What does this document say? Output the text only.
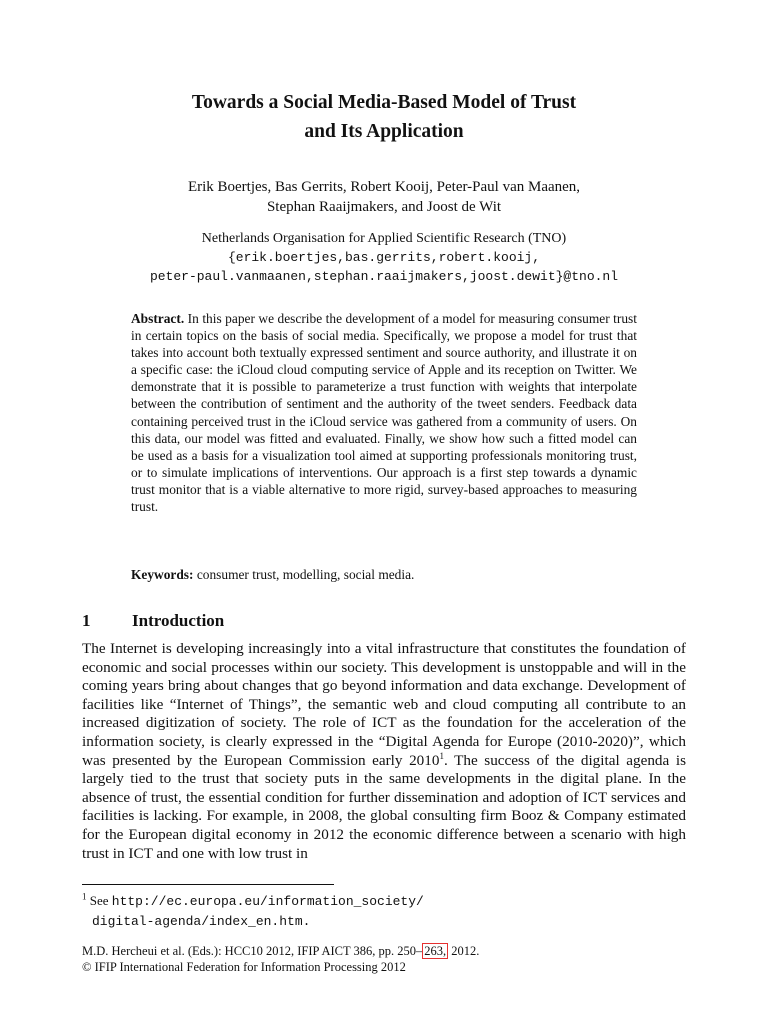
Towards a Social Media-Based Model of Trust
and Its Application
Erik Boertjes, Bas Gerrits, Robert Kooij, Peter-Paul van Maanen,
Stephan Raaijmakers, and Joost de Wit
Netherlands Organisation for Applied Scientific Research (TNO)
{erik.boertjes,bas.gerrits,robert.kooij,
peter-paul.vanmaanen,stephan.raaijmakers,joost.dewit}@tno.nl
Abstract. In this paper we describe the development of a model for measuring consumer trust in certain topics on the basis of social media. Specifically, we propose a model for trust that takes into account both textually expressed sentiment and source authority, and illustrate it on a specific case: the iCloud cloud computing service of Apple and its reception on Twitter. We demonstrate that it is possible to parameterize a trust function with weights that interpolate between the contribution of sentiment and the authority of the tweet senders. Feedback data containing perceived trust in the iCloud service was gathered from a community of users. On this data, our model was fitted and evaluated. Finally, we show how such a fitted model can be used as a basis for a visualization tool aimed at supporting professionals monitoring trust, or to simulate implications of interventions. Our approach is a first step towards a dynamic trust monitor that is a viable alternative to more rigid, survey-based approaches to measuring trust.
Keywords: consumer trust, modelling, social media.
1 Introduction
The Internet is developing increasingly into a vital infrastructure that constitutes the foundation of economic and social processes within our society. This development is unstoppable and will in the coming years bring about changes that go beyond information and data exchange. Development of facilities like “Internet of Things”, the semantic web and cloud computing all contribute to an increased digitization of society. The role of ICT as the foundation for the acceleration of the information society, is clearly expressed in the “Digital Agenda for Europe (2010-2020)”, which was presented by the European Commission early 2010$^1$. The success of the digital agenda is largely tied to the trust that society puts in the same developments in the digital plane. In the absence of trust, the essential condition for further dissemination and adoption of ICT services and facilities is lacking. For example, in 2008, the global consulting firm Booz & Company estimated for the European digital economy in 2012 the economic difference between a scenario with high trust in ICT and one with low trust in
$^1$ See http://ec.europa.eu/information_society/
digital-agenda/index_en.htm.
M.D. Hercheui et al. (Eds.): HCC10 2012, IFIP AICT 386, pp. 250– 263, 2012.
© IFIP International Federation for Information Processing 2012
